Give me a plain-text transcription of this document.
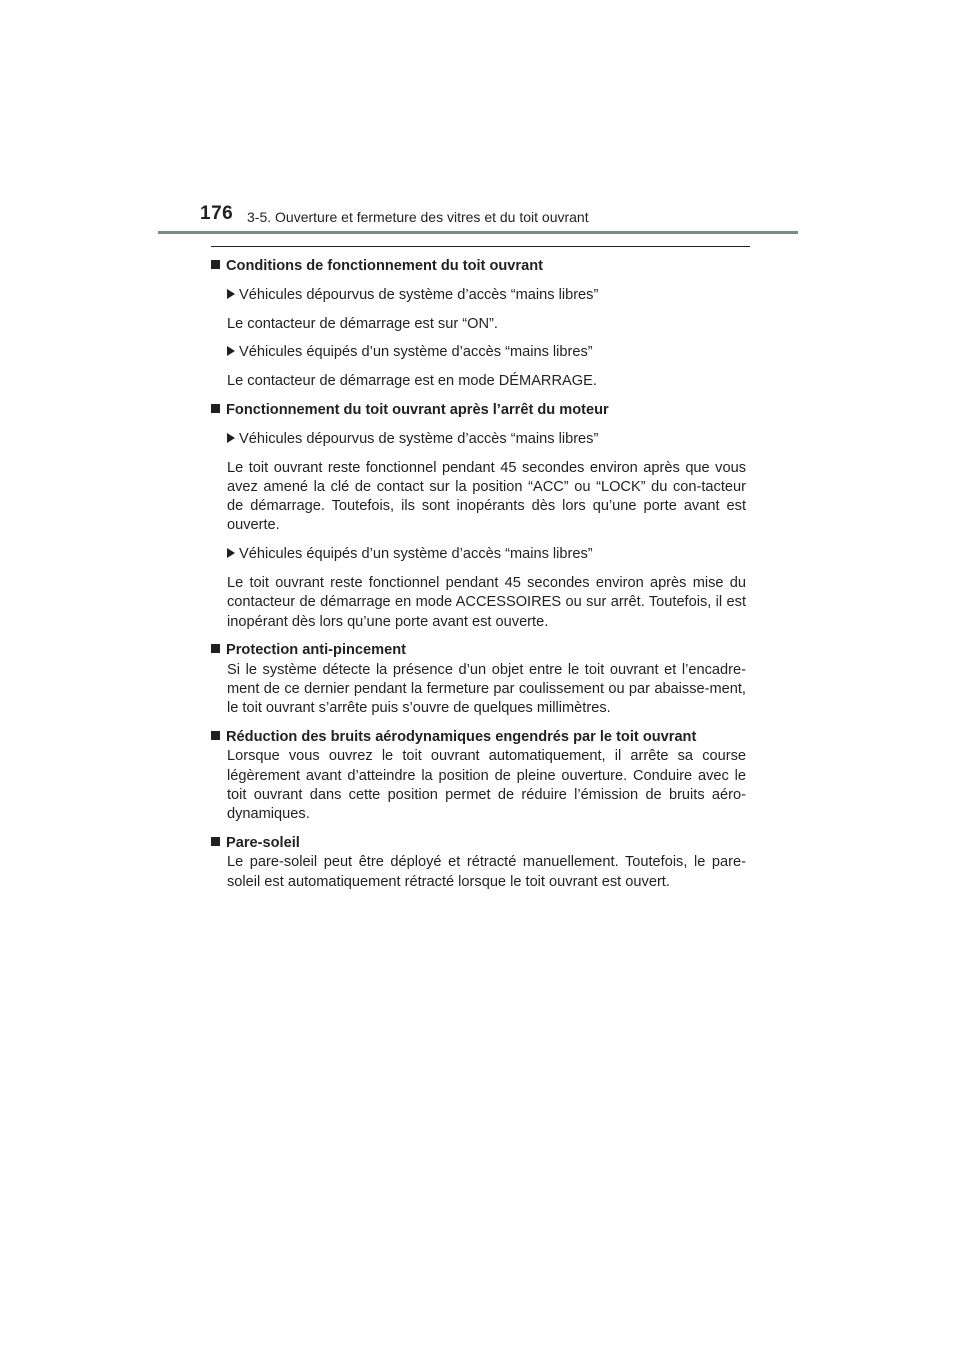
176 3-5. Ouverture et fermeture des vitres et du toit ouvrant
Conditions de fonctionnement du toit ouvrant
Véhicules dépourvus de système d’accès “mains libres”

Le contacteur de démarrage est sur “ON”.

Véhicules équipés d’un système d’accès “mains libres”

Le contacteur de démarrage est en mode DÉMARRAGE.

Fonctionnement du toit ouvrant après l’arrêt du moteur
Véhicules dépourvus de système d’accès “mains libres”

Le toit ouvrant reste fonctionnel pendant 45 secondes environ après que vous avez amené la clé de contact sur la position “ACC” ou “LOCK” du con-tacteur de démarrage. Toutefois, ils sont inopérants dès lors qu’une porte avant est ouverte.

Véhicules équipés d’un système d’accès “mains libres”

Le toit ouvrant reste fonctionnel pendant 45 secondes environ après mise du contacteur de démarrage en mode ACCESSOIRES ou sur arrêt. Toutefois, il est inopérant dès lors qu’une porte avant est ouverte.

Protection anti-pincement

Si le système détecte la présence d’un objet entre le toit ouvrant et l’encadre-ment de ce dernier pendant la fermeture par coulissement ou par abaisse-ment, le toit ouvrant s’arrête puis s’ouvre de quelques millimètres.

Réduction des bruits aérodynamiques engendrés par le toit ouvrant

Lorsque vous ouvrez le toit ouvrant automatiquement, il arrête sa course légèrement avant d’atteindre la position de pleine ouverture. Conduire avec le toit ouvrant dans cette position permet de réduire l’émission de bruits aéro-dynamiques.

Pare-soleil

Le pare-soleil peut être déployé et rétracté manuellement. Toutefois, le pare-soleil est automatiquement rétracté lorsque le toit ouvrant est ouvert.
